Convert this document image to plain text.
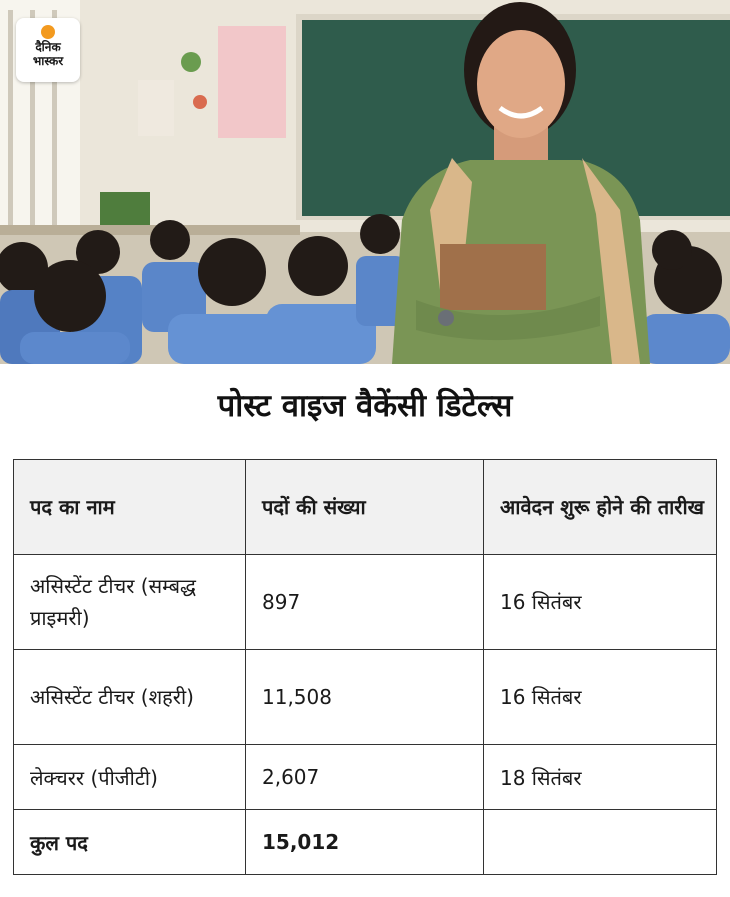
दैनिक
भास्कर
पोस्ट वाइज वैकेंसी डिटेल्स
पद का नाम	पदों की संख्या	आवेदन शुरू होने की तारीख
असिस्टेंट टीचर (सम्बद्ध प्राइमरी)	897	16 सितंबर
असिस्टेंट टीचर (शहरी)	11,508	16 सितंबर
लेक्चरर (पीजीटी)	2,607	18 सितंबर
कुल पद	15,012	
